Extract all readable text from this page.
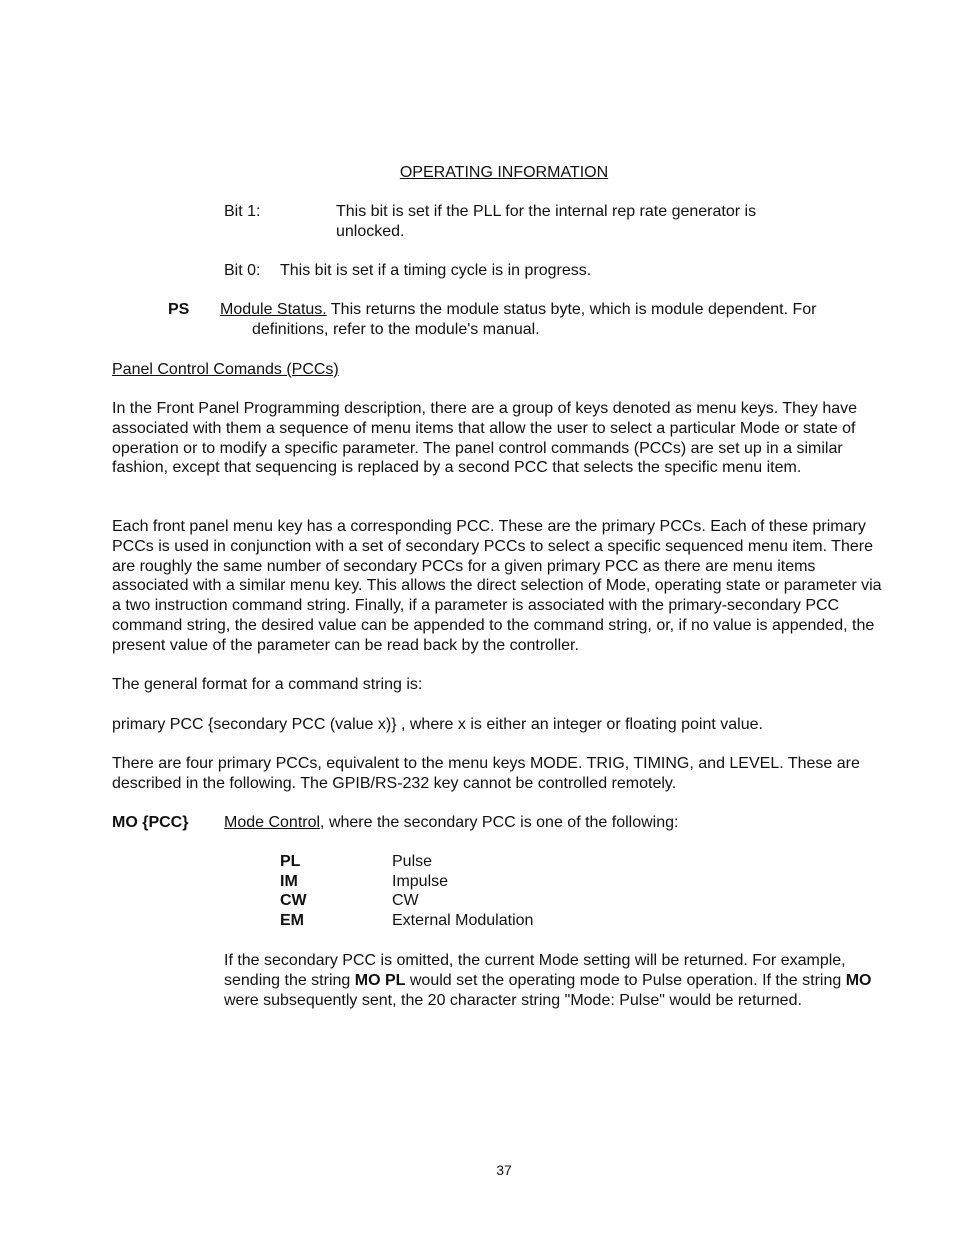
OPERATING INFORMATION
Bit 1:	This bit is set if the PLL for the internal rep rate generator is
unlocked.
Bit 0: This bit is set if a timing cycle is in progress.
PS Module Status. This returns the module status byte, which is module dependent. For
definitions, refer to the module's manual.
Panel Control Comands (PCCs)
In the Front Panel Programming description, there are a group of keys denoted as menu keys. They have associated with them a sequence of menu items that allow the user to select a particular Mode or state of operation or to modify a specific parameter. The panel control commands (PCCs) are set up in a similar fashion, except that sequencing is replaced by a second PCC that selects the specific menu item.
Each front panel menu key has a corresponding PCC. These are the primary PCCs. Each of these primary PCCs is used in conjunction with a set of secondary PCCs to select a specific sequenced menu item. There are roughly the same number of secondary PCCs for a given primary PCC as there are menu items associated with a similar menu key. This allows the direct selection of Mode, operating state or parameter via a two instruction command string. Finally, if a parameter is associated with the primary-secondary PCC command string, the desired value can be appended to the command string, or, if no value is appended, the present value of the parameter can be read back by the controller.
The general format for a command string is:
primary PCC {secondary PCC (value x)} , where x is either an integer or floating point value.
There are four primary PCCs, equivalent to the menu keys MODE. TRIG, TIMING, and LEVEL. These are described in the following. The GPIB/RS-232 key cannot be controlled remotely.
MO {PCC} Mode Control, where the secondary PCC is one of the following:
PL	Pulse
IM	Impulse
CW	CW
EM	External Modulation
If the secondary PCC is omitted, the current Mode setting will be returned. For example, sending the string MO PL would set the operating mode to Pulse operation. If the string MO were subsequently sent, the 20 character string "Mode: Pulse" would be returned.
37
